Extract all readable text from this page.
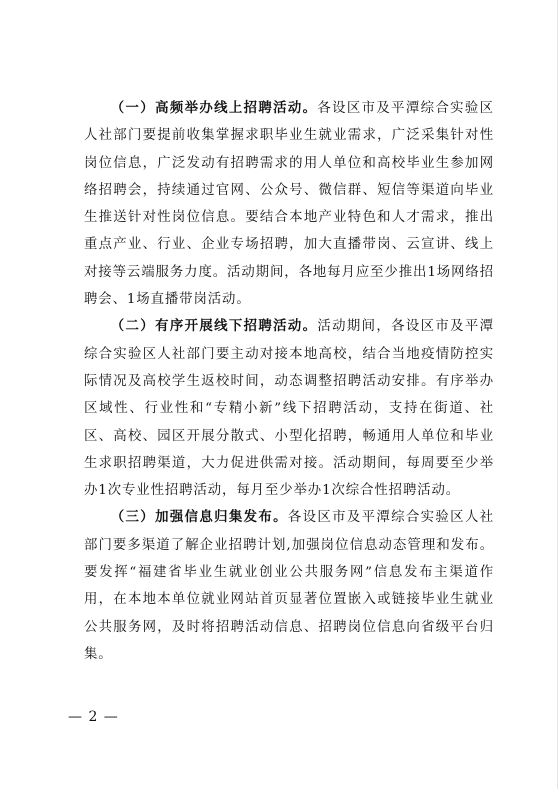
（一）高频举办线上招聘活动。各设区市及平潭综合实验区人社部门要提前收集掌握求职毕业生就业需求，广泛采集针对性岗位信息，广泛发动有招聘需求的用人单位和高校毕业生参加网络招聘会，持续通过官网、公众号、微信群、短信等渠道向毕业生推送针对性岗位信息。要结合本地产业特色和人才需求，推出重点产业、行业、企业专场招聘，加大直播带岗、云宣讲、线上对接等云端服务力度。活动期间，各地每月应至少推出1场网络招聘会、1场直播带岗活动。

（二）有序开展线下招聘活动。活动期间，各设区市及平潭综合实验区人社部门要主动对接本地高校，结合当地疫情防控实际情况及高校学生返校时间，动态调整招聘活动安排。有序举办区域性、行业性和“专精小新”线下招聘活动，支持在街道、社区、高校、园区开展分散式、小型化招聘，畅通用人单位和毕业生求职招聘渠道，大力促进供需对接。活动期间，每周要至少举办1次专业性招聘活动，每月至少举办1次综合性招聘活动。

（三）加强信息归集发布。各设区市及平潭综合实验区人社部门要多渠道了解企业招聘计划,加强岗位信息动态管理和发布。要发挥“福建省毕业生就业创业公共服务网”信息发布主渠道作用，在本地本单位就业网站首页显著位置嵌入或链接毕业生就业公共服务网，及时将招聘活动信息、招聘岗位信息向省级平台归集。

— 2 —
